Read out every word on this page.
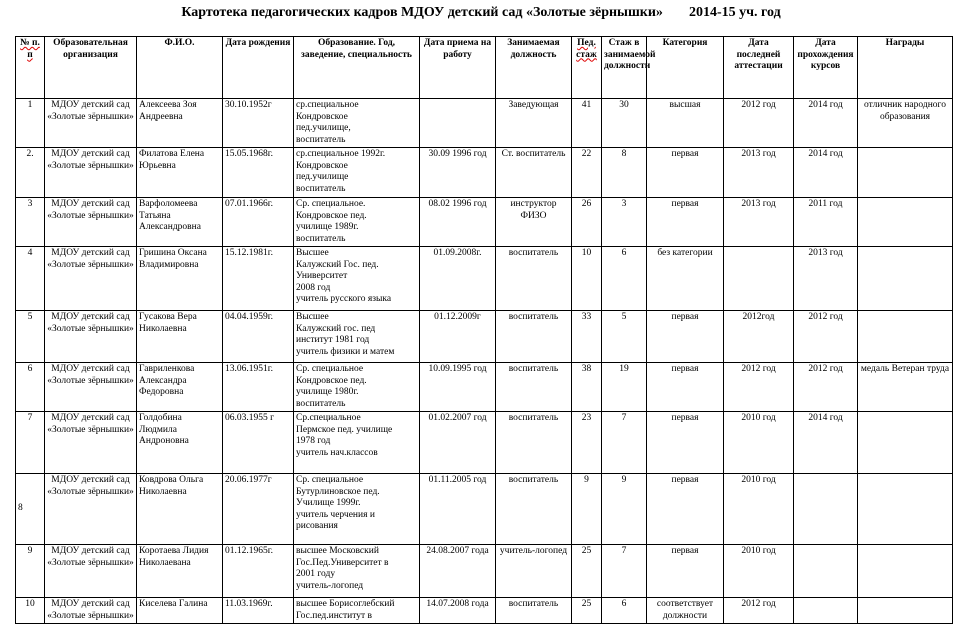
Картотека педагогических кадров МДОУ детский сад «Золотые зёрнышки» 2014-15 уч. год
№ п. п	Образовательная организация	Ф.И.О.	Дата рождения	Образование. Год, заведение, специальность	Дата приема на работу	Занимаемая должность	Пед. стаж	Стаж в занимаемой должности	Категория	Дата последней аттестации	Дата прохождения курсов	Награды
1	МДОУ детский сад «Золотые зёрнышки»	Алексеева Зоя Андреевна	30.10.1952г	ср.специальное
Кондровское
пед.училище,
воспитатель		Заведующая	41	30	высшая	2012 год	2014 год	отличник народного образования
2.	МДОУ детский сад «Золотые зёрнышки»	Филатова Елена Юрьевна	15.05.1968г.	ср.специальное 1992г.
Кондровское
пед.училище
воспитатель	30.09 1996 год	Ст. воспитатель	22	8	первая	2013 год	2014 год	
3	МДОУ детский сад «Золотые зёрнышки»	Варфоломеева Татьяна Александровна	07.01.1966г.	Ср. специальное.
Кондровское пед.
училище 1989г.
воспитатель	08.02 1996 год	инструктор ФИЗО	26	3	первая	2013 год	2011 год	
4	МДОУ детский сад «Золотые зёрнышки»	Гришина Оксана Владимировна	15.12.1981г.	Высшее
Калужский Гос. пед.
Университет
2008 год
учитель русского языка	01.09.2008г.	воспитатель	10	6	без категории		2013 год	
5	МДОУ детский сад «Золотые зёрнышки»	Гусакова Вера Николаевна	04.04.1959г.	Высшее
Калужский гос. пед
институт 1981 год
учитель физики и матем	01.12.2009г	воспитатель	33	5	первая	2012год	2012 год	
6	МДОУ детский сад «Золотые зёрнышки»	Гавриленкова Александра Федоровна	13.06.1951г.	Ср. специальное
Кондровское пед.
училище 1980г.
воспитатель	10.09.1995 год	воспитатель	38	19	первая	2012 год	2012 год	медаль Ветеран труда
7	МДОУ детский сад «Золотые зёрнышки»	Голдобина Людмила Андроновна	06.03.1955 г	Ср.специальное
Пермское пед. училище
1978 год
учитель нач.классов	01.02.2007 год	воспитатель	23	7	первая	2010 год	2014 год	
8	МДОУ детский сад «Золотые зёрнышки»	Ковдрова Ольга Николаевна	20.06.1977г	Ср. специальное
Бутурлиновское пед.
Училище 1999г.
учитель черчения и
рисования	01.11.2005 год	воспитатель	9	9	первая	2010 год		
9	МДОУ детский сад «Золотые зёрнышки»	Коротаева Лидия Николаевана	01.12.1965г.	высшее Московский
Гос.Пед.Университет в
2001 году
учитель-логопед	24.08.2007 года	учитель-логопед	25	7	первая	2010 год		
10	МДОУ детский сад «Золотые зёрнышки»	Киселева Галина	11.03.1969г.	высшее Борисоглебский
Гос.пед.институт в	14.07.2008 года	воспитатель	25	6	соответствует должности	2012 год		
